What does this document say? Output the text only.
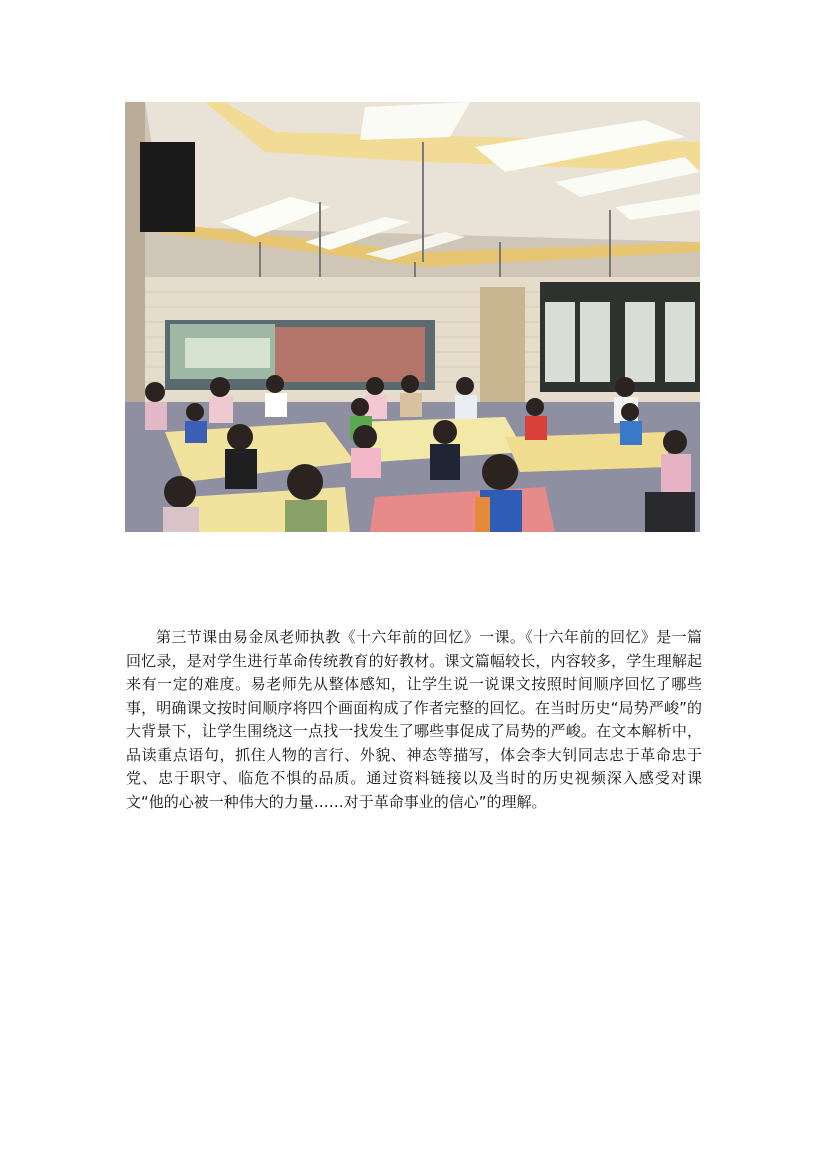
第三节课由易金凤老师执教《十六年前的回忆》一课。《十六年前的回忆》是一篇回忆录，是对学生进行革命传统教育的好教材。课文篇幅较长，内容较多，学生理解起来有一定的难度。易老师先从整体感知，让学生说一说课文按照时间顺序回忆了哪些事，明确课文按时间顺序将四个画面构成了作者完整的回忆。在当时历史“局势严峻”的大背景下，让学生围绕这一点找一找发生了哪些事促成了局势的严峻。在文本解析中，品读重点语句，抓住人物的言行、外貌、神态等描写，体会李大钊同志忠于革命忠于党、忠于职守、临危不惧的品质。通过资料链接以及当时的历史视频深入感受对课文“他的心被一种伟大的力量……对于革命事业的信心”的理解。
